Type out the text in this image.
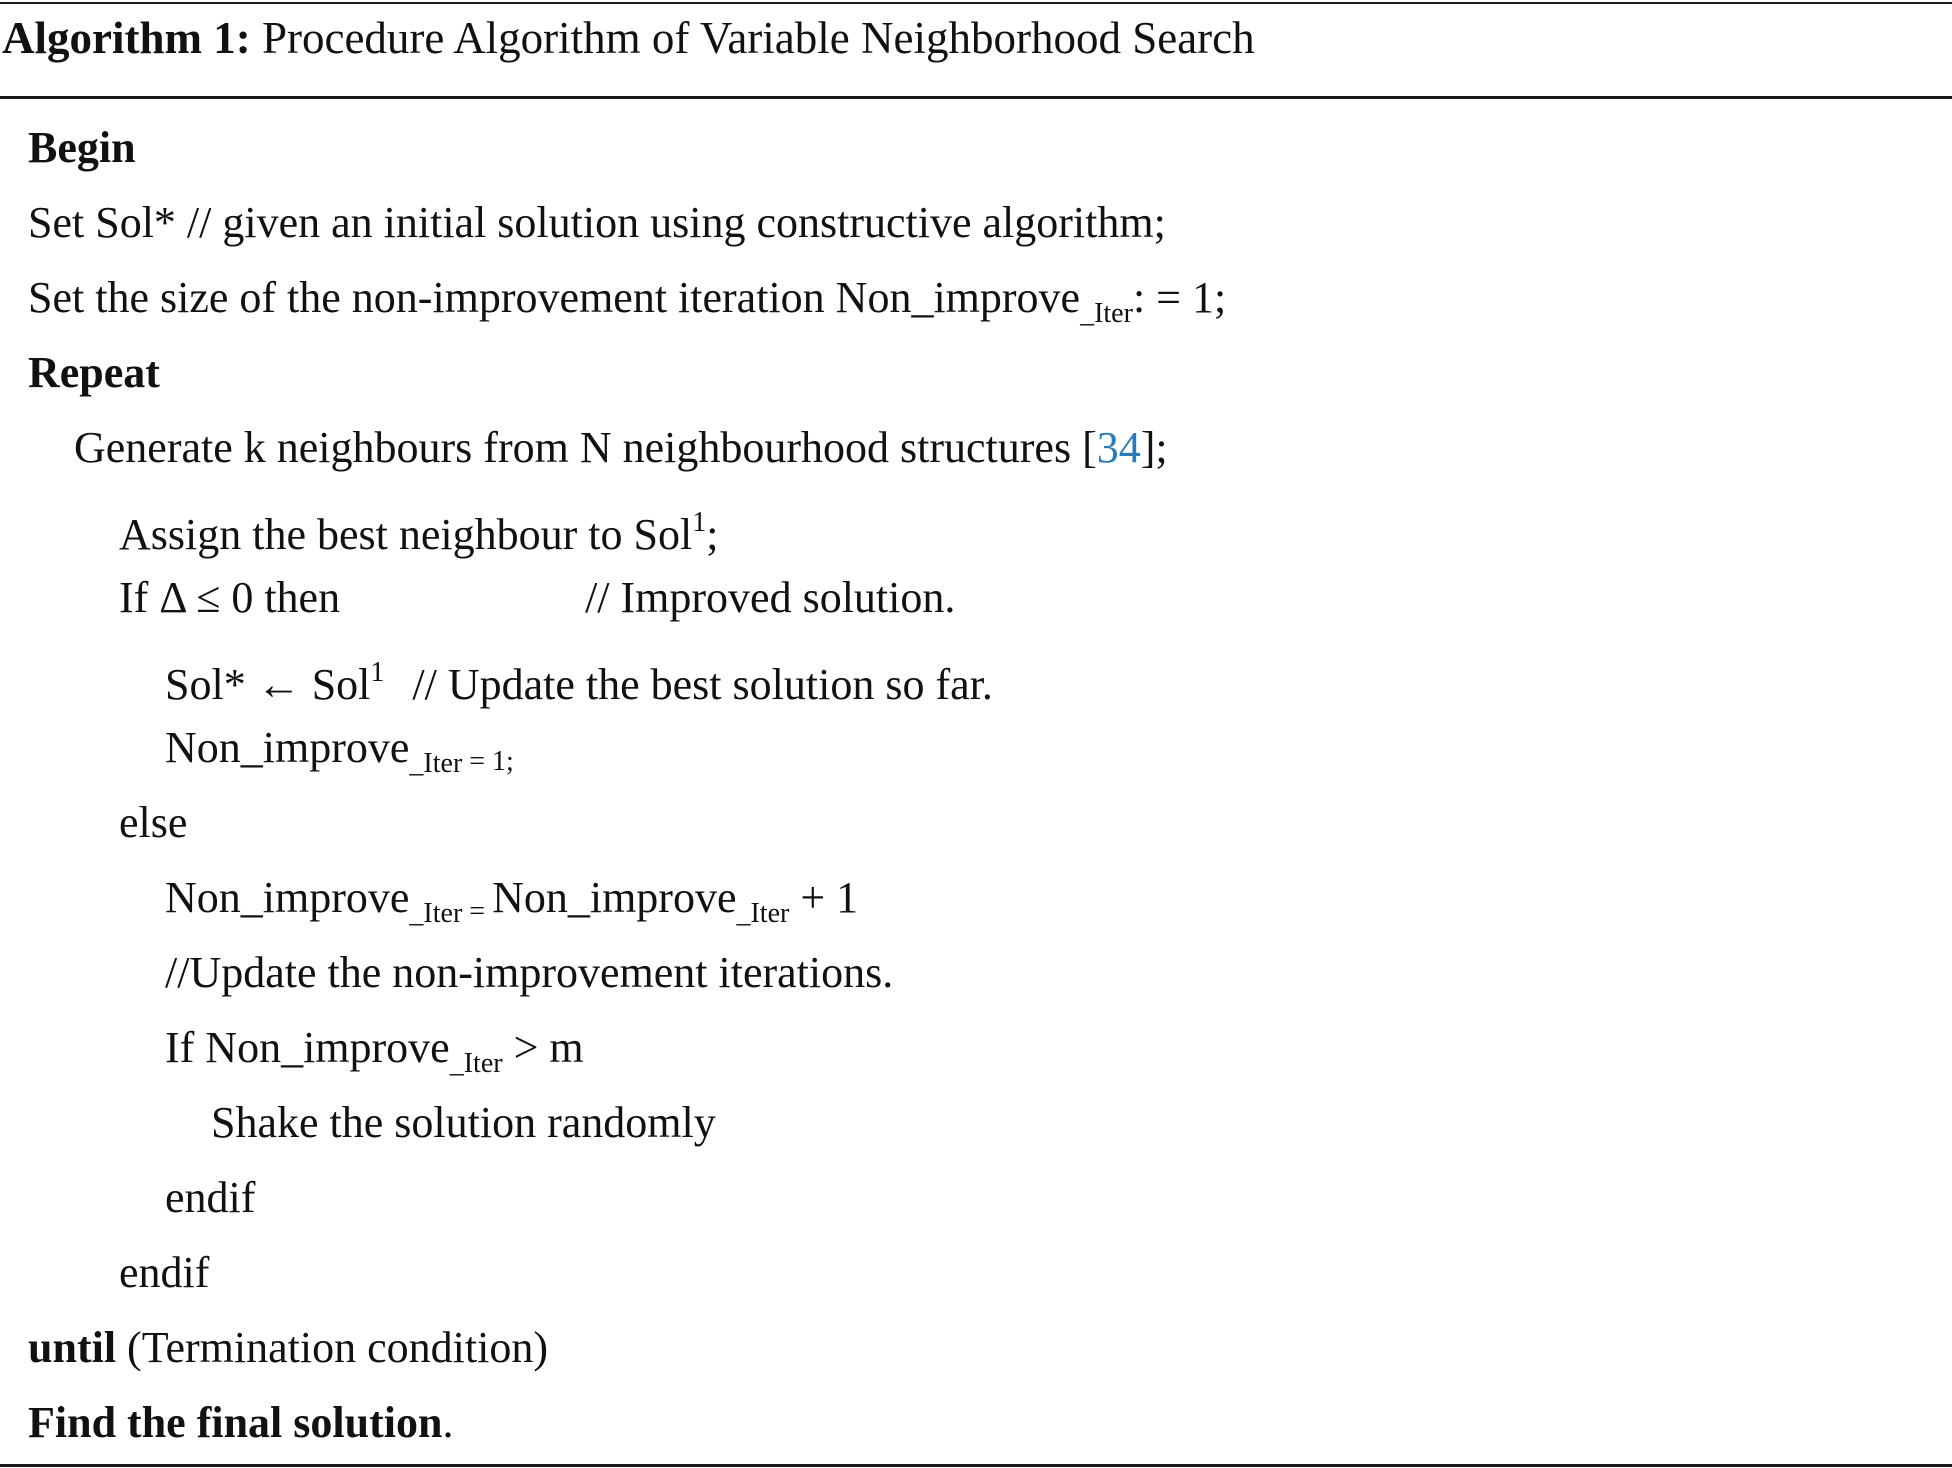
Algorithm 1: Procedure Algorithm of Variable Neighborhood Search
Begin
Set Sol* // given an initial solution using constructive algorithm;
Set the size of the non-improvement iteration Non_improve$_{\_Iter}$: = 1;
Repeat
Generate k neighbours from N neighbourhood structures [34];
Assign the best neighbour to Sol$^1$;
If Δ ≤ 0 then	// Improved solution.
Sol* ← Sol$^1$ // Update the best solution so far.
Non_improve$_{\_Iter}$ = 1;
else
Non_improve$_{\_Iter}$ = Non_improve$_{\_Iter}$ + 1
//Update the non-improvement iterations.
If Non_improve$_{\_Iter}$ > m
Shake the solution randomly
endif
endif
until (Termination condition)
Find the final solution.
